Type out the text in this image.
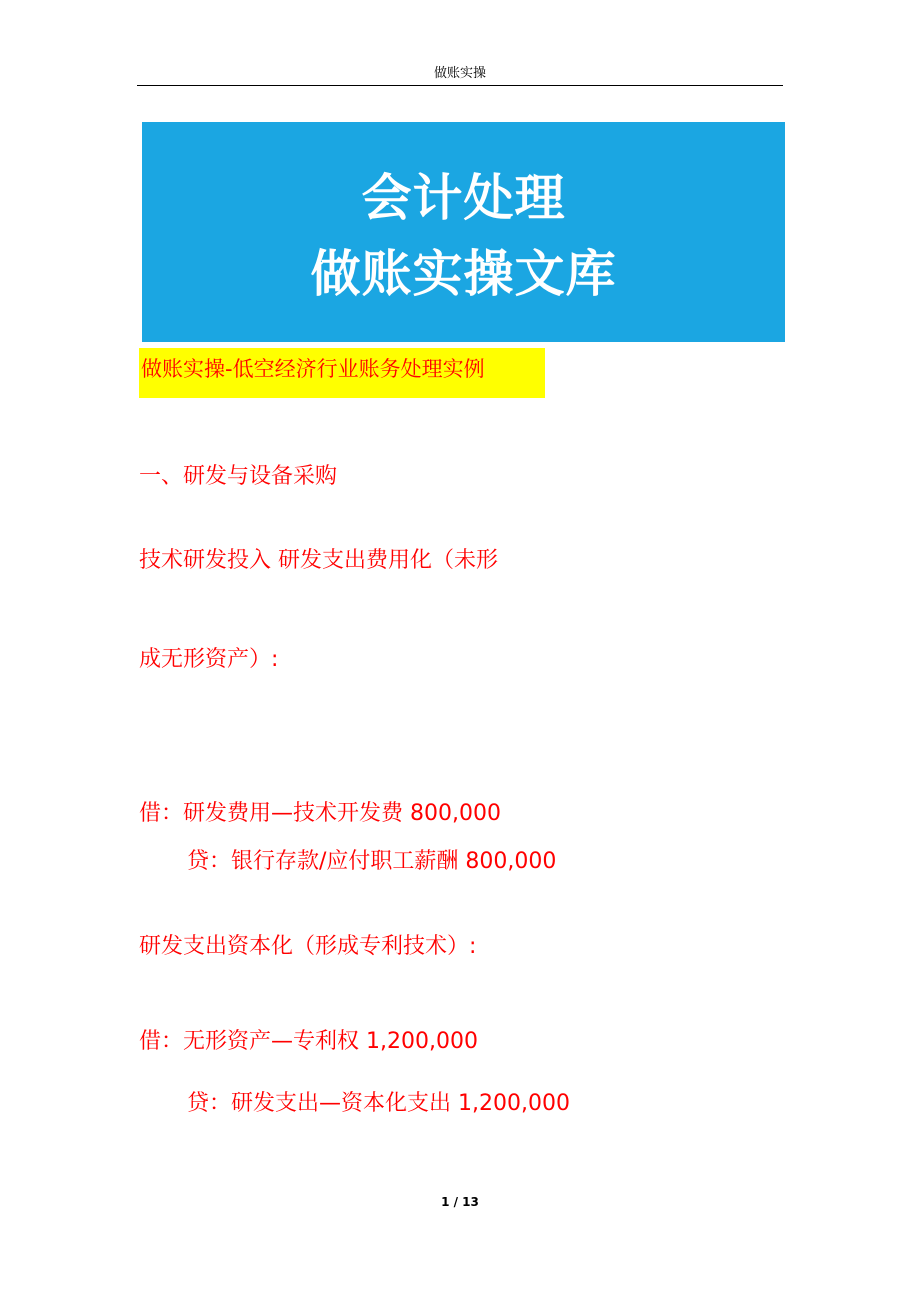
做账实操
会计处理
做账实操文库
做账实操-低空经济行业账务处理实例
一、研发与设备采购
技术研发投入 研发支出费用化（未形
成无形资产）:
借：研发费用—技术开发费 800,000
贷：银行存款/应付职工薪酬 800,000
研发支出资本化（形成专利技术）:
借：无形资产—专利权 1,200,000
贷：研发支出—资本化支出 1,200,000
1 / 13
